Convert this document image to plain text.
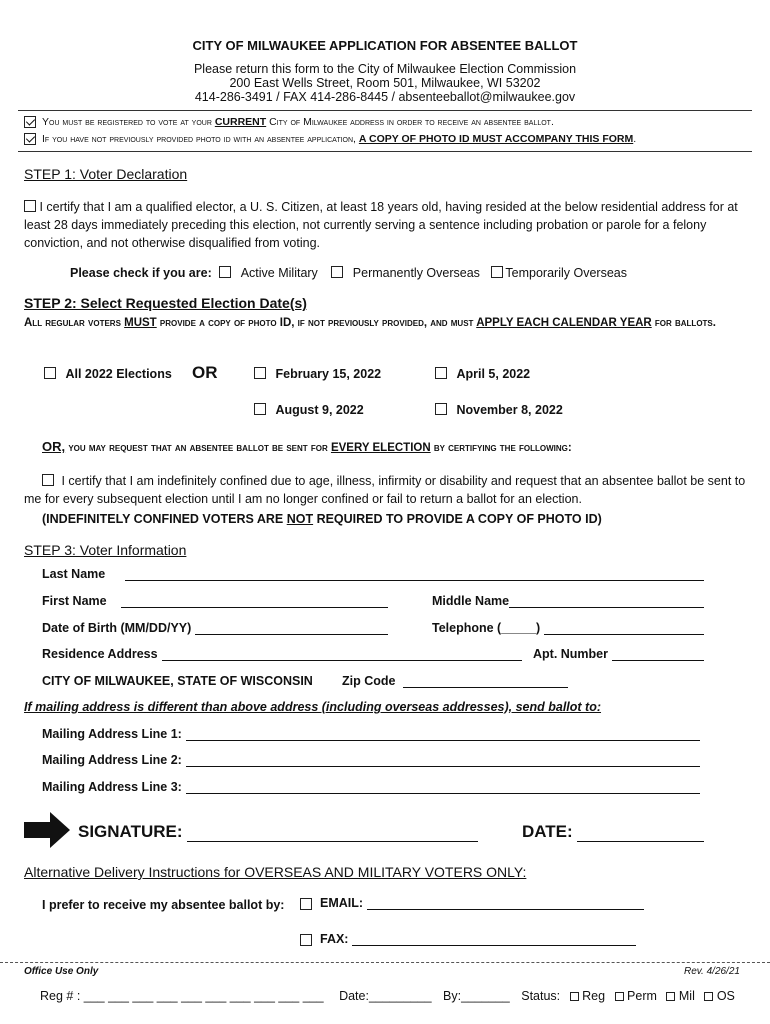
CITY OF MILWAUKEE APPLICATION FOR ABSENTEE BALLOT
Please return this form to the City of Milwaukee Election Commission
200 East Wells Street, Room 501, Milwaukee, WI 53202
414-286-3491 / FAX 414-286-8445 / absenteeballot@milwaukee.gov
You must be registered to vote at your CURRENT City of Milwaukee address in order to receive an absentee ballot.
If you have not previously provided photo id with an absentee application, A COPY OF PHOTO ID MUST ACCOMPANY THIS FORM.
STEP 1: Voter Declaration
I certify that I am a qualified elector, a U. S. Citizen, at least 18 years old, having resided at the below residential address for at least 28 days immediately preceding this election, not currently serving a sentence including probation or parole for a felony conviction, and not otherwise disqualified from voting.
Please check if you are: Active Military	Permanently Overseas Temporarily Overseas
STEP 2: Select Requested Election Date(s)
All regular voters MUST provide a copy of photo ID, if not previously provided, and must APPLY EACH CALENDAR YEAR for ballots.
All 2022 Elections OR	February 15, 2022	April 5, 2022
August 9, 2022	November 8, 2022
OR, you may request that an absentee ballot be sent for EVERY ELECTION by certifying the following:
I certify that I am indefinitely confined due to age, illness, infirmity or disability and request that an absentee ballot be sent to me for every subsequent election until I am no longer confined or fail to return a ballot for an election.
(INDEFINITELY CONFINED VOTERS ARE NOT REQUIRED TO PROVIDE A COPY OF PHOTO ID)
STEP 3: Voter Information
Last Name
First Name	Middle Name
Date of Birth (MM/DD/YY)	Telephone (_____)
Residence Address	Apt. Number
CITY OF MILWAUKEE, STATE OF WISCONSIN Zip Code
If mailing address is different than above address (including overseas addresses), send ballot to:
Mailing Address Line 1:
Mailing Address Line 2:
Mailing Address Line 3:
SIGNATURE:	DATE:
Alternative Delivery Instructions for OVERSEAS AND MILITARY VOTERS ONLY:
I prefer to receive my absentee ballot by:	EMAIL:
FAX:
Office Use Only	Rev. 4/26/21
Reg # : ___ ___ ___ ___ ___ ___ ___ ___ ___ ___ Date:_________ By:_______ Status: Reg Perm Mil OS
